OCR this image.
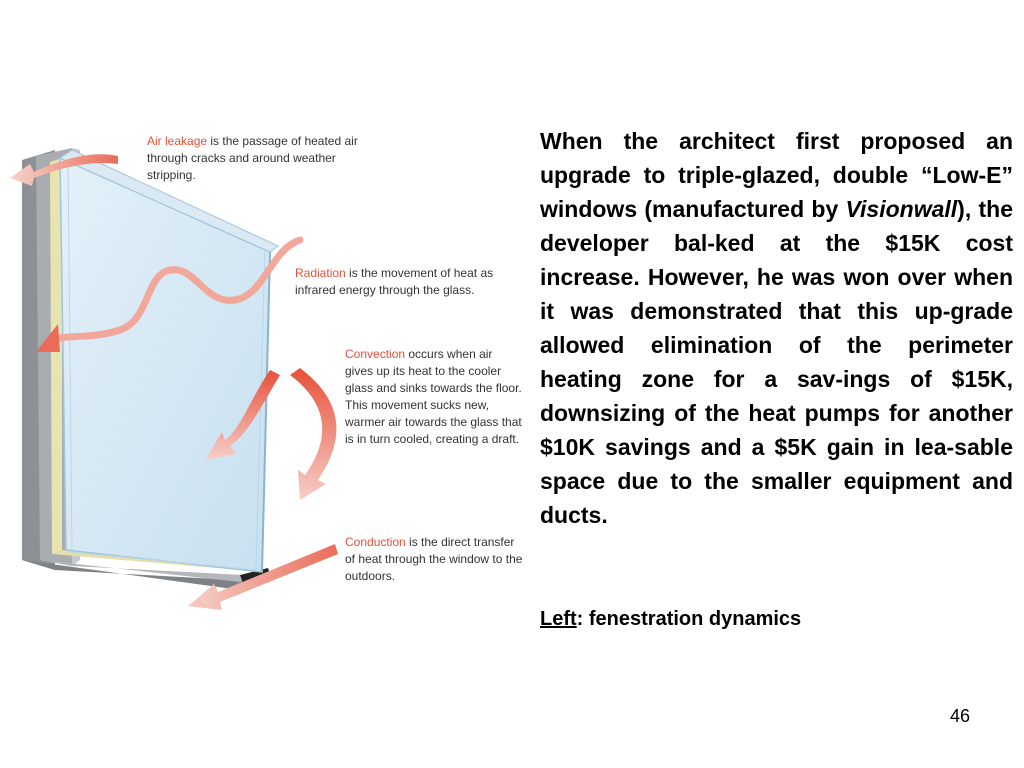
Air leakage is the passage of heated air through cracks and around weather stripping.

Radiation is the movement of heat as infrared energy through the glass.

Convection occurs when air gives up its heat to the cooler glass and sinks towards the floor. This movement sucks new, warmer air towards the glass that is in turn cooled, creating a draft.

Conduction is the direct transfer of heat through the window to the outdoors.

When the architect first proposed an upgrade to triple-glazed, double “Low-E” windows (manufactured by Visionwall), the developer bal-ked at the $15K cost increase. However, he was won over when it was demonstrated that this up-grade allowed elimination of the perimeter heating zone for a sav-ings of $15K, downsizing of the heat pumps for another $10K savings and a $5K gain in lea-sable space due to the smaller equipment and ducts.

Left: fenestration dynamics

46
